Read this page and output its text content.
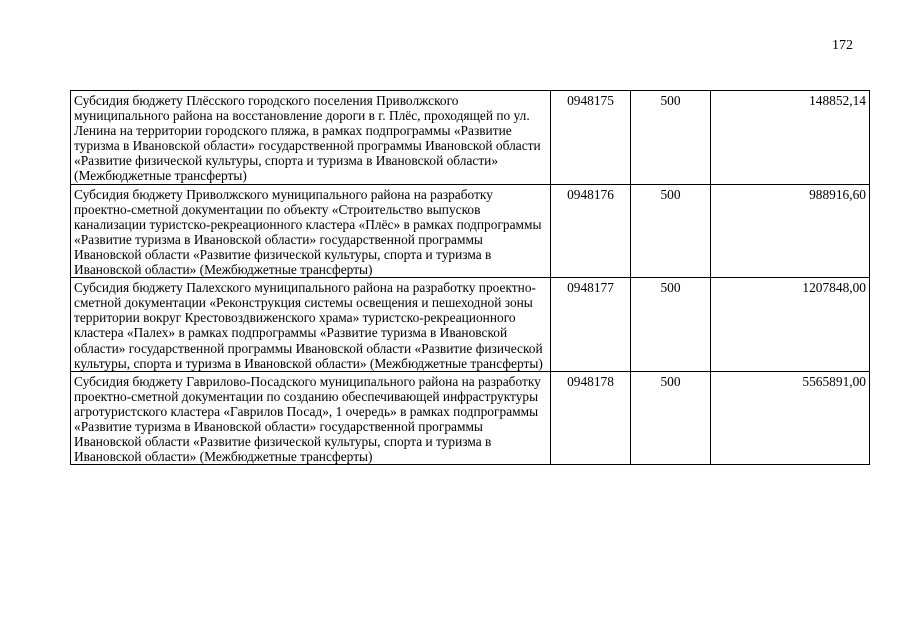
172
Субсидия бюджету Плёсского городского поселения Приволжского муниципального района на восстановление дороги в г. Плёс, проходящей по ул. Ленина на территории городского пляжа, в рамках подпрограммы «Развитие туризма в Ивановской области» государственной программы Ивановской области «Развитие физической культуры, спорта и туризма в Ивановской области» (Межбюджетные трансферты)	0948175	500	148852,14
Субсидия бюджету Приволжского муниципального района на разработку проектно-сметной документации по объекту «Строительство выпусков канализации туристско-рекреационного кластера «Плёс» в рамках подпрограммы «Развитие туризма в Ивановской области» государственной программы Ивановской области «Развитие физической культуры, спорта и туризма в Ивановской области» (Межбюджетные трансферты)	0948176	500	988916,60
Субсидия бюджету Палехского муниципального района на разработку проектно-сметной документации «Реконструкция системы освещения и пешеходной зоны территории вокруг Крестовоздвиженского храма» туристско-рекреационного кластера «Палех» в рамках подпрограммы «Развитие туризма в Ивановской области» государственной программы Ивановской области «Развитие физической культуры, спорта и туризма в Ивановской области» (Межбюджетные трансферты)	0948177	500	1207848,00
Субсидия бюджету Гаврилово-Посадского муниципального района на разработку проектно-сметной документации по созданию обеспечивающей инфраструктуры агротуристского кластера «Гаврилов Посад», 1 очередь» в рамках подпрограммы «Развитие туризма в Ивановской области» государственной программы Ивановской области «Развитие физической культуры, спорта и туризма в Ивановской области» (Межбюджетные трансферты)	0948178	500	5565891,00
